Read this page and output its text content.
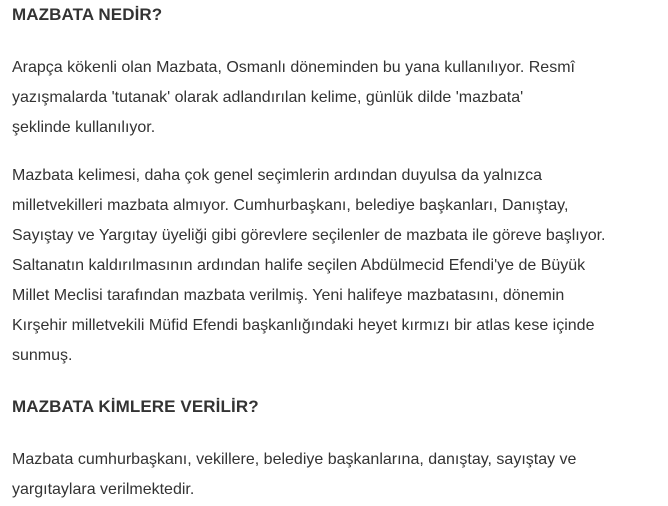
MAZBATA NEDİR?

Arapça kökenli olan Mazbata, Osmanlı döneminden bu yana kullanılıyor. Resmî
yazışmalarda 'tutanak' olarak adlandırılan kelime, günlük dilde 'mazbata'
şeklinde kullanılıyor.

Mazbata kelimesi, daha çok genel seçimlerin ardından duyulsa da yalnızca
milletvekilleri mazbata almıyor. Cumhurbaşkanı, belediye başkanları, Danıştay,
Sayıştay ve Yargıtay üyeliği gibi görevlere seçilenler de mazbata ile göreve başlıyor.
Saltanatın kaldırılmasının ardından halife seçilen Abdülmecid Efendi'ye de Büyük
Millet Meclisi tarafından mazbata verilmiş. Yeni halifeye mazbatasını, dönemin
Kırşehir milletvekili Müfid Efendi başkanlığındaki heyet kırmızı bir atlas kese içinde
sunmuş.

MAZBATA KİMLERE VERİLİR?

Mazbata cumhurbaşkanı, vekillere, belediye başkanlarına, danıştay, sayıştay ve
yargıtaylara verilmektedir.
